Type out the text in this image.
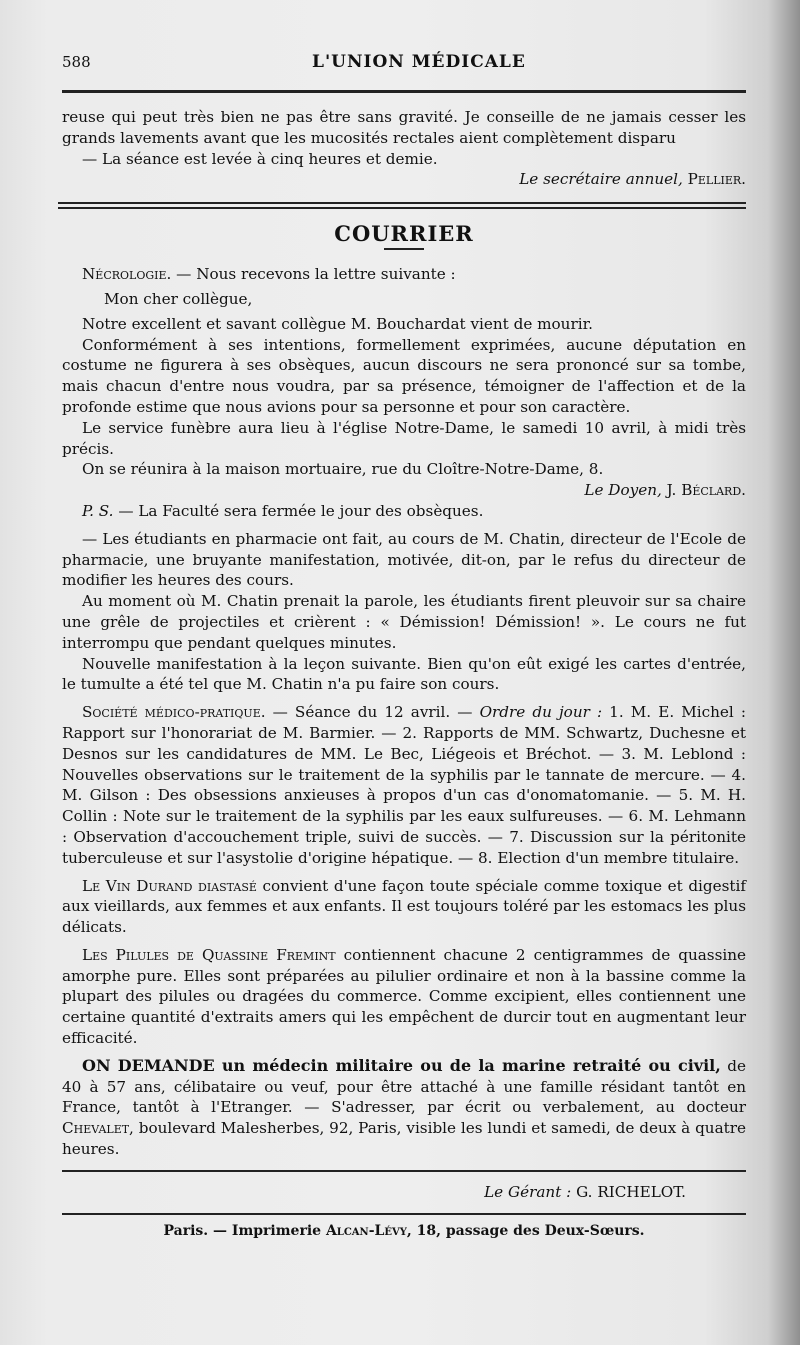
588	L'UNION MÉDICALE

reuse qui peut très bien ne pas être sans gravité. Je conseille de ne jamais cesser les grands lavements avant que les mucosités rectales aient complètement disparu

— La séance est levée à cinq heures et demie.

Le secrétaire annuel, Pellier.

COURRIER

Nécrologie. — Nous recevons la lettre suivante :

Mon cher collègue,

Notre excellent et savant collègue M. Bouchardat vient de mourir.

Conformément à ses intentions, formellement exprimées, aucune députation en costume ne figurera à ses obsèques, aucun discours ne sera prononcé sur sa tombe, mais chacun d'entre nous voudra, par sa présence, témoigner de l'affection et de la profonde estime que nous avions pour sa personne et pour son caractère.

Le service funèbre aura lieu à l'église Notre-Dame, le samedi 10 avril, à midi très précis.

On se réunira à la maison mortuaire, rue du Cloître-Notre-Dame, 8.

Le Doyen, J. Béclard.

P. S. — La Faculté sera fermée le jour des obsèques.

— Les étudiants en pharmacie ont fait, au cours de M. Chatin, directeur de l'Ecole de pharmacie, une bruyante manifestation, motivée, dit-on, par le refus du directeur de modifier les heures des cours.

Au moment où M. Chatin prenait la parole, les étudiants firent pleuvoir sur sa chaire une grêle de projectiles et crièrent : « Démission! Démission! ». Le cours ne fut interrompu que pendant quelques minutes.

Nouvelle manifestation à la leçon suivante. Bien qu'on eût exigé les cartes d'entrée, le tumulte a été tel que M. Chatin n'a pu faire son cours.

Société médico-pratique. — Séance du 12 avril. — Ordre du jour : 1. M. E. Michel : Rapport sur l'honorariat de M. Barmier. — 2. Rapports de MM. Schwartz, Duchesne et Desnos sur les candidatures de MM. Le Bec, Liégeois et Bréchot. — 3. M. Leblond : Nouvelles observations sur le traitement de la syphilis par le tannate de mercure. — 4. M. Gilson : Des obsessions anxieuses à propos d'un cas d'onomatomanie. — 5. M. H. Collin : Note sur le traitement de la syphilis par les eaux sulfureuses. — 6. M. Lehmann : Observation d'accouchement triple, suivi de succès. — 7. Discussion sur la péritonite tuberculeuse et sur l'asystolie d'origine hépatique. — 8. Election d'un membre titulaire.

Le Vin Durand diastasé convient d'une façon toute spéciale comme toxique et digestif aux vieillards, aux femmes et aux enfants. Il est toujours toléré par les estomacs les plus délicats.

Les Pilules de Quassine Fremint contiennent chacune 2 centigrammes de quassine amorphe pure. Elles sont préparées au pilulier ordinaire et non à la bassine comme la plupart des pilules ou dragées du commerce. Comme excipient, elles contiennent une certaine quantité d'extraits amers qui les empêchent de durcir tout en augmentant leur efficacité.

ON DEMANDE un médecin militaire ou de la marine retraité ou civil, de 40 à 57 ans, célibataire ou veuf, pour être attaché à une famille résidant tantôt en France, tantôt à l'Etranger. — S'adresser, par écrit ou verbalement, au docteur Chevalet, boulevard Malesherbes, 92, Paris, visible les lundi et samedi, de deux à quatre heures.

Le Gérant : G. RICHELOT.

Paris. — Imprimerie Alcan-Lévy, 18, passage des Deux-Sœurs.
